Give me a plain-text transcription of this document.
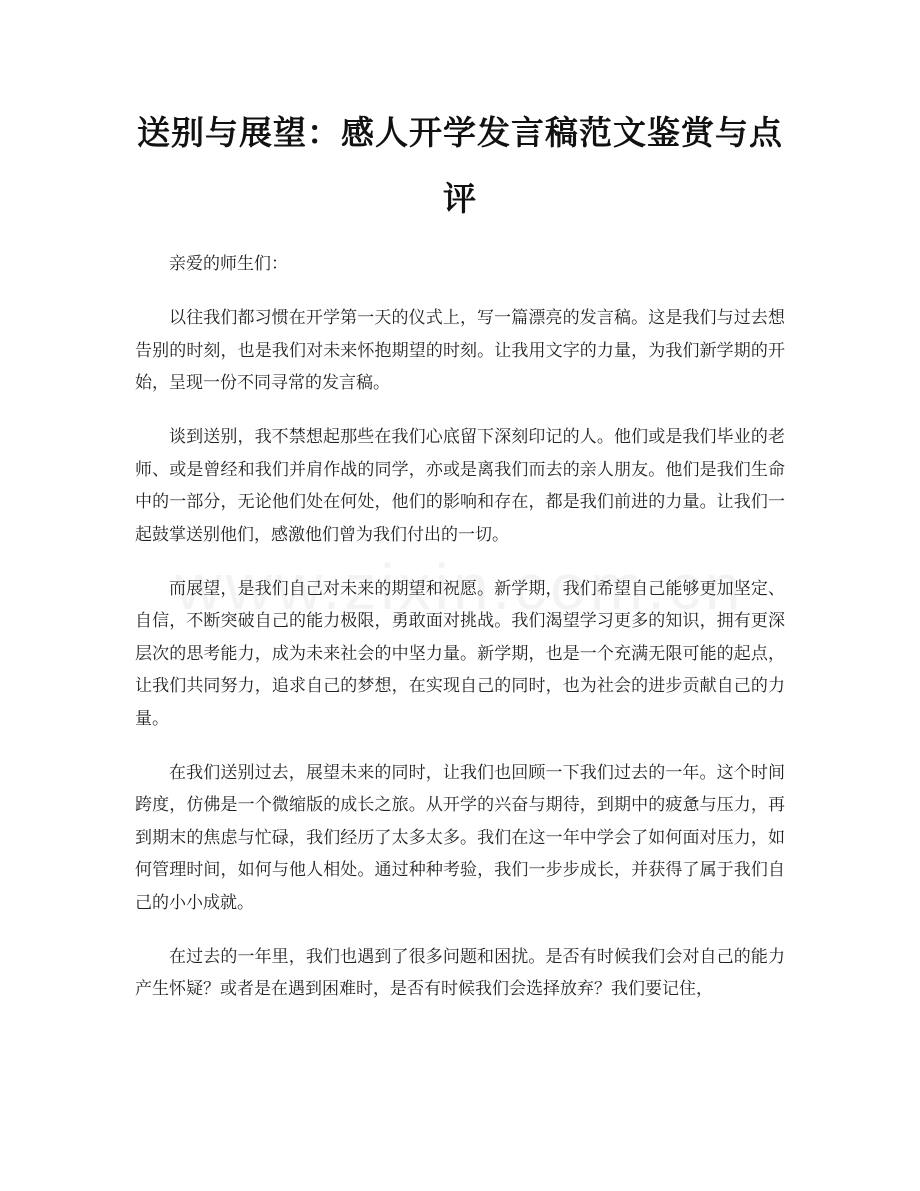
送别与展望：感人开学发言稿范文鉴赏与点评

亲爱的师生们：

以往我们都习惯在开学第一天的仪式上，写一篇漂亮的发言稿。这是我们与过去想告别的时刻，也是我们对未来怀抱期望的时刻。让我用文字的力量，为我们新学期的开始，呈现一份不同寻常的发言稿。

谈到送别，我不禁想起那些在我们心底留下深刻印记的人。他们或是我们毕业的老师、或是曾经和我们并肩作战的同学，亦或是离我们而去的亲人朋友。他们是我们生命中的一部分，无论他们处在何处，他们的影响和存在，都是我们前进的力量。让我们一起鼓掌送别他们，感激他们曾为我们付出的一切。

而展望，是我们自己对未来的期望和祝愿。新学期，我们希望自己能够更加坚定、自信，不断突破自己的能力极限，勇敢面对挑战。我们渴望学习更多的知识，拥有更深层次的思考能力，成为未来社会的中坚力量。新学期，也是一个充满无限可能的起点，让我们共同努力，追求自己的梦想，在实现自己的同时，也为社会的进步贡献自己的力量。

在我们送别过去，展望未来的同时，让我们也回顾一下我们过去的一年。这个时间跨度，仿佛是一个微缩版的成长之旅。从开学的兴奋与期待，到期中的疲惫与压力，再到期末的焦虑与忙碌，我们经历了太多太多。我们在这一年中学会了如何面对压力，如何管理时间，如何与他人相处。通过种种考验，我们一步步成长，并获得了属于我们自己的小小成就。

在过去的一年里，我们也遇到了很多问题和困扰。是否有时候我们会对自己的能力产生怀疑？或者是在遇到困难时，是否有时候我们会选择放弃？我们要记住，
